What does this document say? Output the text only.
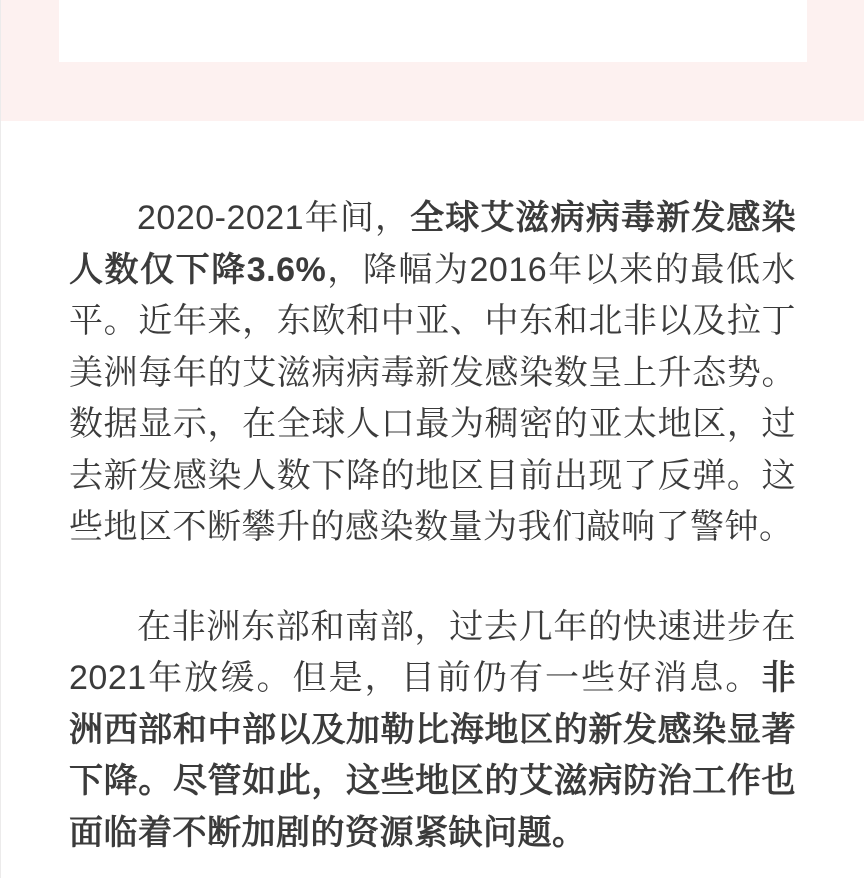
2020-2021年间，全球艾滋病病毒新发感染人数仅下降3.6%，降幅为2016年以来的最低水平。近年来，东欧和中亚、中东和北非以及拉丁美洲每年的艾滋病病毒新发感染数呈上升态势。数据显示，在全球人口最为稠密的亚太地区，过去新发感染人数下降的地区目前出现了反弹。这些地区不断攀升的感染数量为我们敲响了警钟。

在非洲东部和南部，过去几年的快速进步在2021年放缓。但是，目前仍有一些好消息。非洲西部和中部以及加勒比海地区的新发感染显著下降。尽管如此，这些地区的艾滋病防治工作也面临着不断加剧的资源紧缺问题。
